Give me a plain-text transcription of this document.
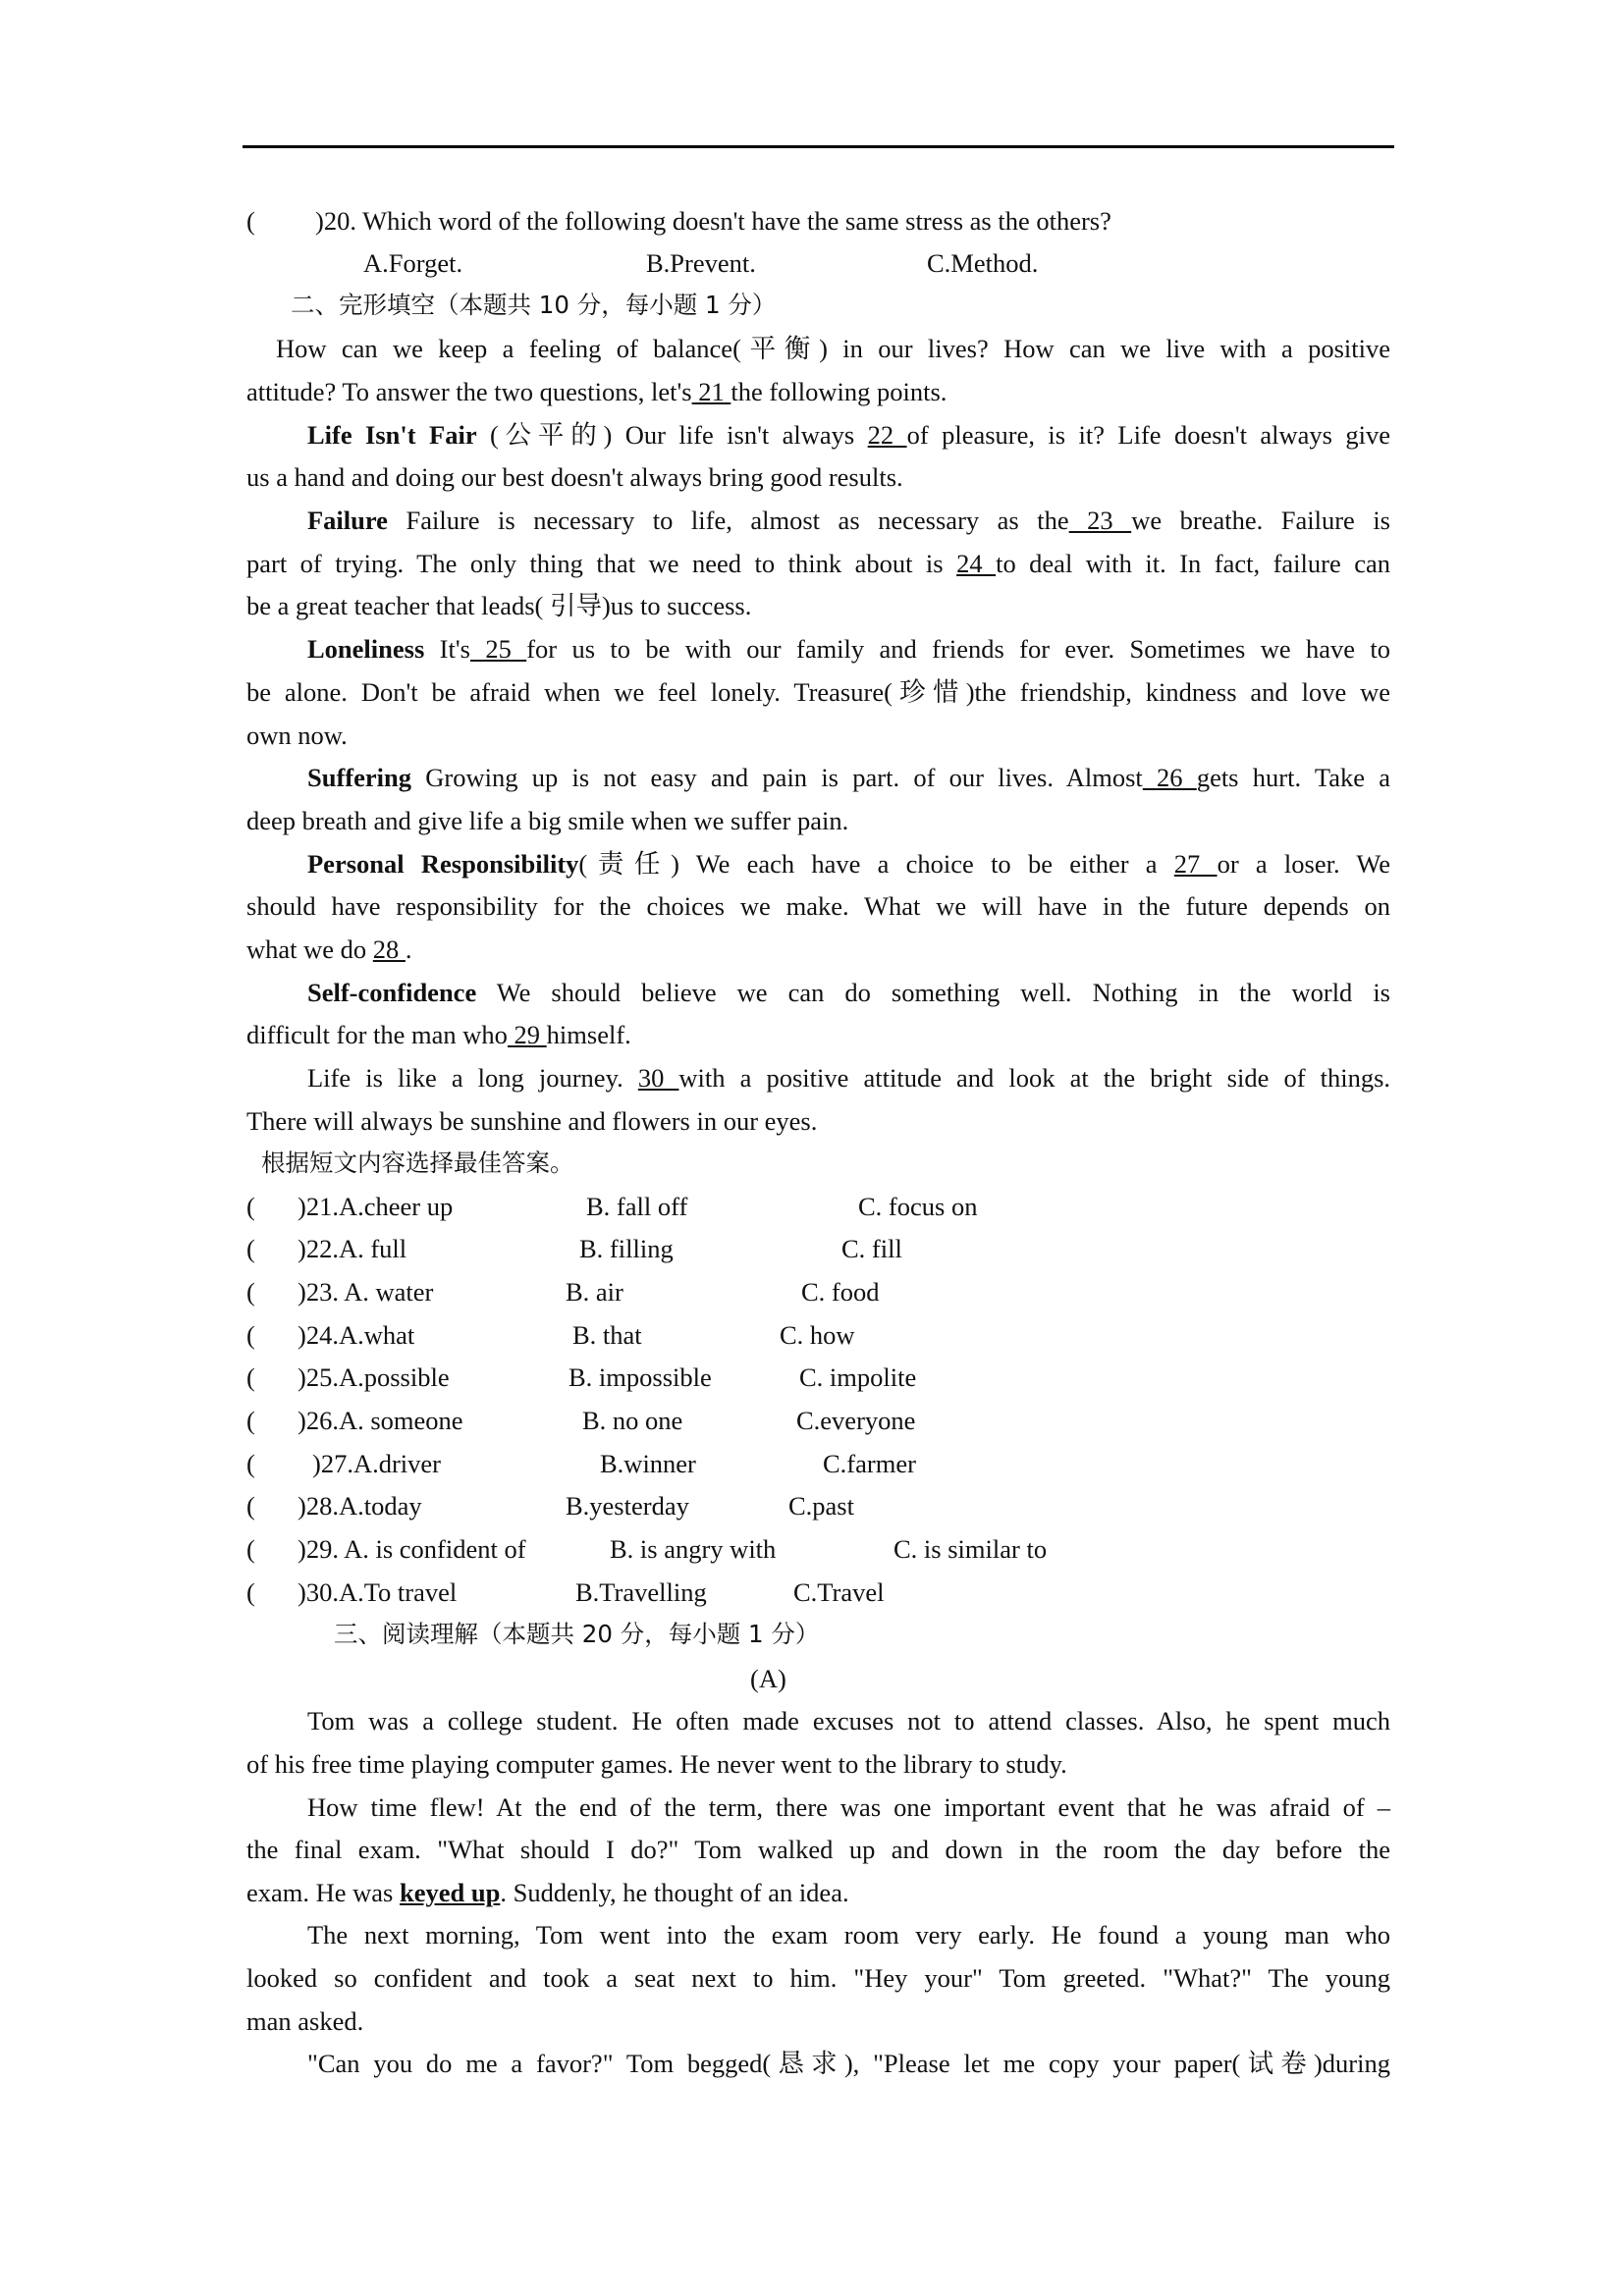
( )20. Which word of the following doesn't have the same stress as the others?
A.Forget.	B.Prevent.	C.Method.
二、完形填空（本题共 10 分，每小题 1 分）
How can we keep a feeling of balance(平衡) in our lives? How can we live with a positive
attitude? To answer the two questions, let's 21 the following points.
Life Isn't Fair (公平的) Our life isn't always 22 of pleasure, is it? Life doesn't always give
us a hand and doing our best doesn't always bring good results.
Failure Failure is necessary to life, almost as necessary as the 23 we breathe. Failure is
part of trying. The only thing that we need to think about is 24 to deal with it. In fact, failure can
be a great teacher that leads( 引导)us to success.
Loneliness It's 25 for us to be with our family and friends for ever. Sometimes we have to
be alone. Don't be afraid when we feel lonely. Treasure(珍惜)the friendship, kindness and love we
own now.
Suffering Growing up is not easy and pain is part. of our lives. Almost 26 gets hurt. Take a
deep breath and give life a big smile when we suffer pain.
Personal Responsibility(责任) We each have a choice to be either a 27 or a loser. We
should have responsibility for the choices we make. What we will have in the future depends on
what we do 28 .
Self-confidence We should believe we can do something well. Nothing in the world is
difficult for the man who 29 himself.
Life is like a long journey. 30 with a positive attitude and look at the bright side of things.
There will always be sunshine and flowers in our eyes.
根据短文内容选择最佳答案。
( )21.A.cheer up	B. fall off	C. focus on
( )22.A. full	B. filling	C. fill
( )23. A. water	B. air	C. food
( )24.A.what	B. that	C. how
( )25.A.possible	B. impossible	C. impolite
( )26.A. someone	B. no one	C.everyone
( )27.A.driver	B.winner	C.farmer
( )28.A.today	B.yesterday	C.past
( )29. A. is confident of	B. is angry with	C. is similar to
( )30.A.To travel	B.Travelling	C.Travel
三、阅读理解（本题共 20 分，每小题 1 分）
(A)
Tom was a college student. He often made excuses not to attend classes. Also, he spent much
of his free time playing computer games. He never went to the library to study.
How time flew! At the end of the term, there was one important event that he was afraid of –
the final exam. "What should I do?" Tom walked up and down in the room the day before the
exam. He was keyed up. Suddenly, he thought of an idea.
The next morning, Tom went into the exam room very early. He found a young man who
looked so confident and took a seat next to him. "Hey your" Tom greeted. "What?" The young
man asked.
"Can you do me a favor?" Tom begged(恳求), "Please let me copy your paper(试卷)during
